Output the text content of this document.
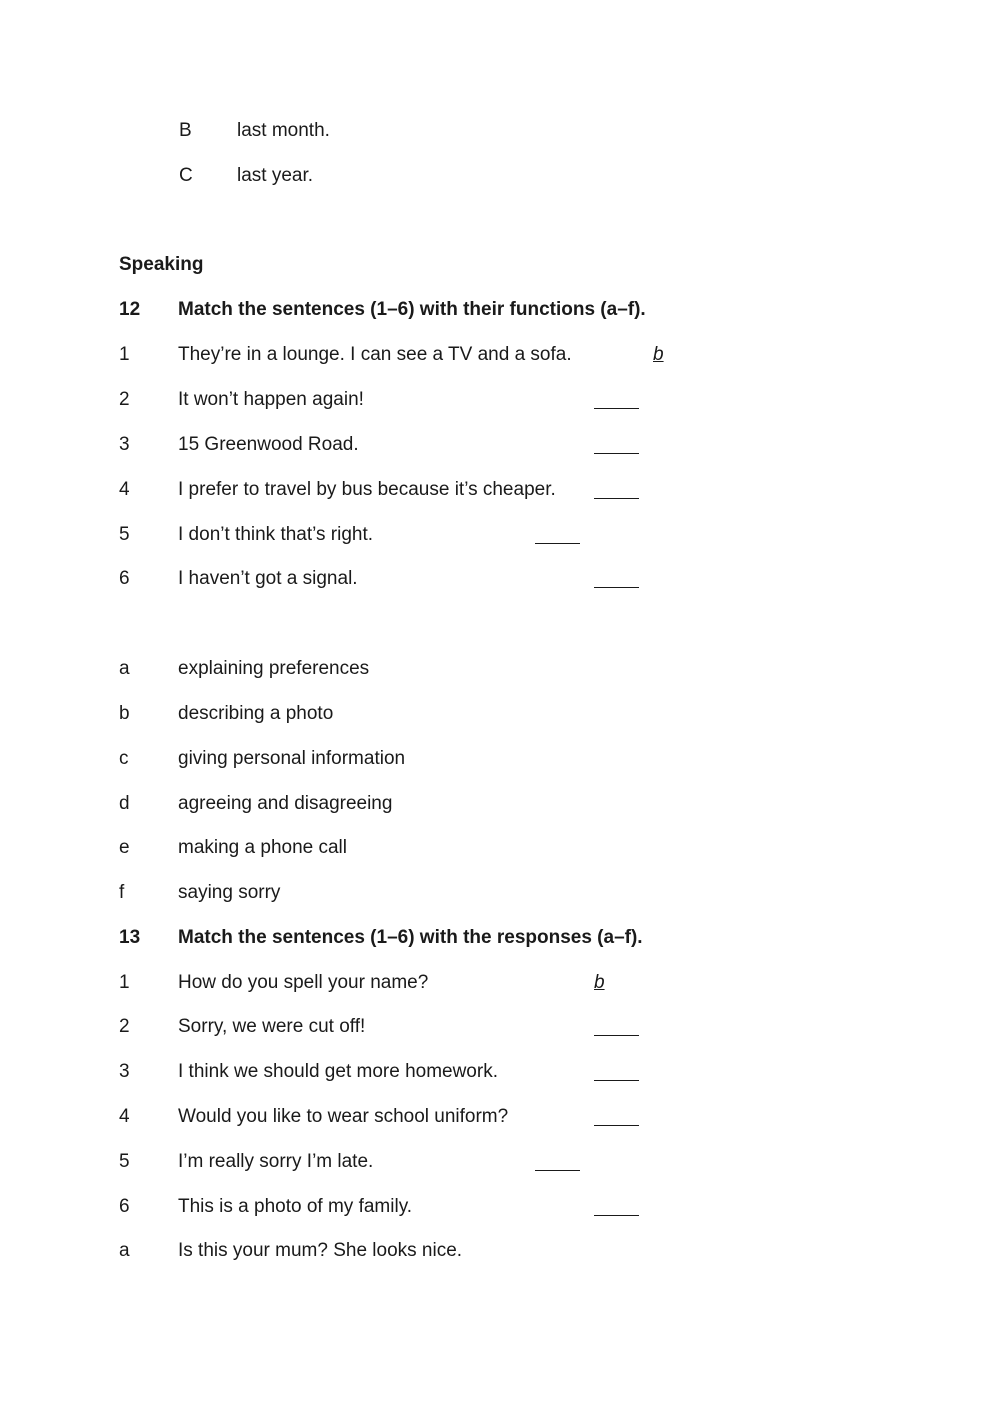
B last month.
C last year.
Speaking
12 Match the sentences (1–6) with their functions (a–f).
1	They’re in a lounge. I can see a TV and a sofa.	b
2	It won’t happen again!
3	15 Greenwood Road.
4	I prefer to travel by bus because it’s cheaper.
5	I don’t think that’s right.
6	I haven’t got a signal.
a	explaining preferences
b	describing a photo
c	giving personal information
d	agreeing and disagreeing
e	making a phone call
f	saying sorry
13 Match the sentences (1–6) with the responses (a–f).
1	How do you spell your name?	b
2	Sorry, we were cut off!
3	I think we should get more homework.
4	Would you like to wear school uniform?
5	I’m really sorry I’m late.
6	This is a photo of my family.
a	Is this your mum? She looks nice.
